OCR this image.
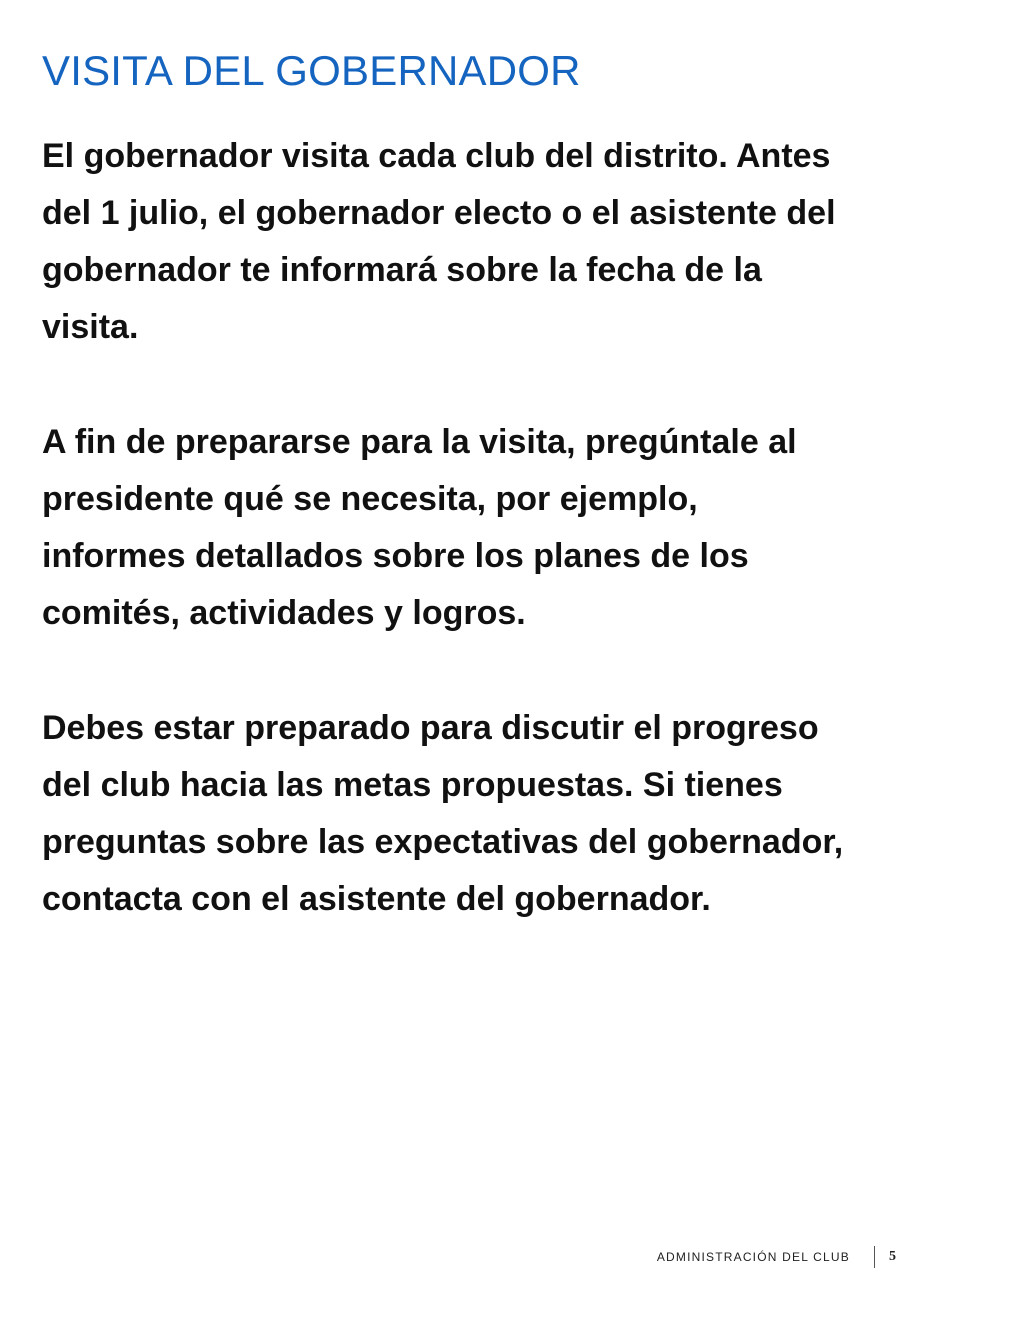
VISITA DEL GOBERNADOR

El gobernador visita cada club del distrito. Antes
del 1 julio, el gobernador electo o el asistente del
gobernador te informará sobre la fecha de la
visita.

A fin de prepararse para la visita, pregúntale al
presidente qué se necesita, por ejemplo,
informes detallados sobre los planes de los
comités, actividades y logros.

Debes estar preparado para discutir el progreso
del club hacia las metas propuestas. Si tienes
preguntas sobre las expectativas del gobernador,
contacta con el asistente del gobernador.

ADMINISTRACIÓN DEL CLUB	5
